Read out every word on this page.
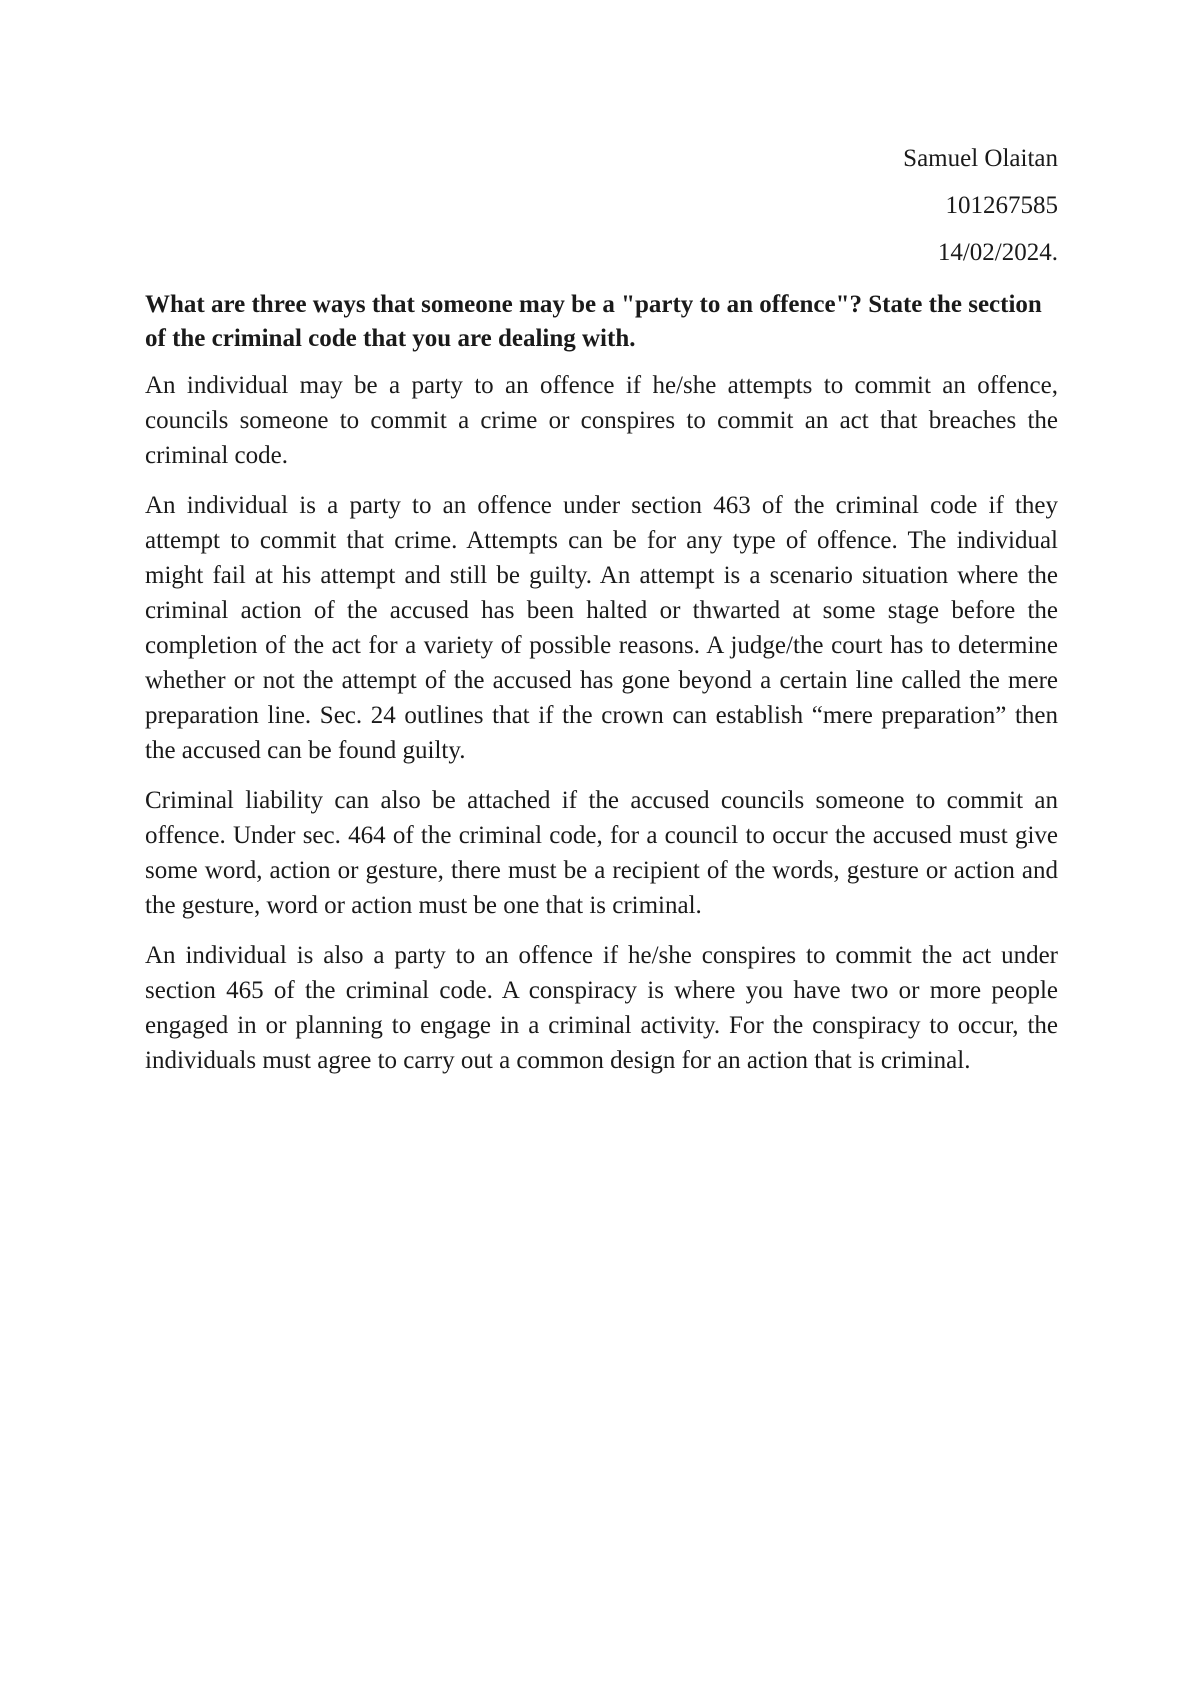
Samuel Olaitan

101267585

14/02/2024.

What are three ways that someone may be a "party to an offence"? State the section of the criminal code that you are dealing with.

An individual may be a party to an offence if he/she attempts to commit an offence, councils someone to commit a crime or conspires to commit an act that breaches the criminal code.

An individual is a party to an offence under section 463 of the criminal code if they attempt to commit that crime. Attempts can be for any type of offence. The individual might fail at his attempt and still be guilty. An attempt is a scenario situation where the criminal action of the accused has been halted or thwarted at some stage before the completion of the act for a variety of possible reasons. A judge/the court has to determine whether or not the attempt of the accused has gone beyond a certain line called the mere preparation line. Sec. 24 outlines that if the crown can establish “mere preparation” then the accused can be found guilty.

Criminal liability can also be attached if the accused councils someone to commit an offence. Under sec. 464 of the criminal code, for a council to occur the accused must give some word, action or gesture, there must be a recipient of the words, gesture or action and the gesture, word or action must be one that is criminal.

An individual is also a party to an offence if he/she conspires to commit the act under section 465 of the criminal code. A conspiracy is where you have two or more people engaged in or planning to engage in a criminal activity. For the conspiracy to occur, the individuals must agree to carry out a common design for an action that is criminal.
